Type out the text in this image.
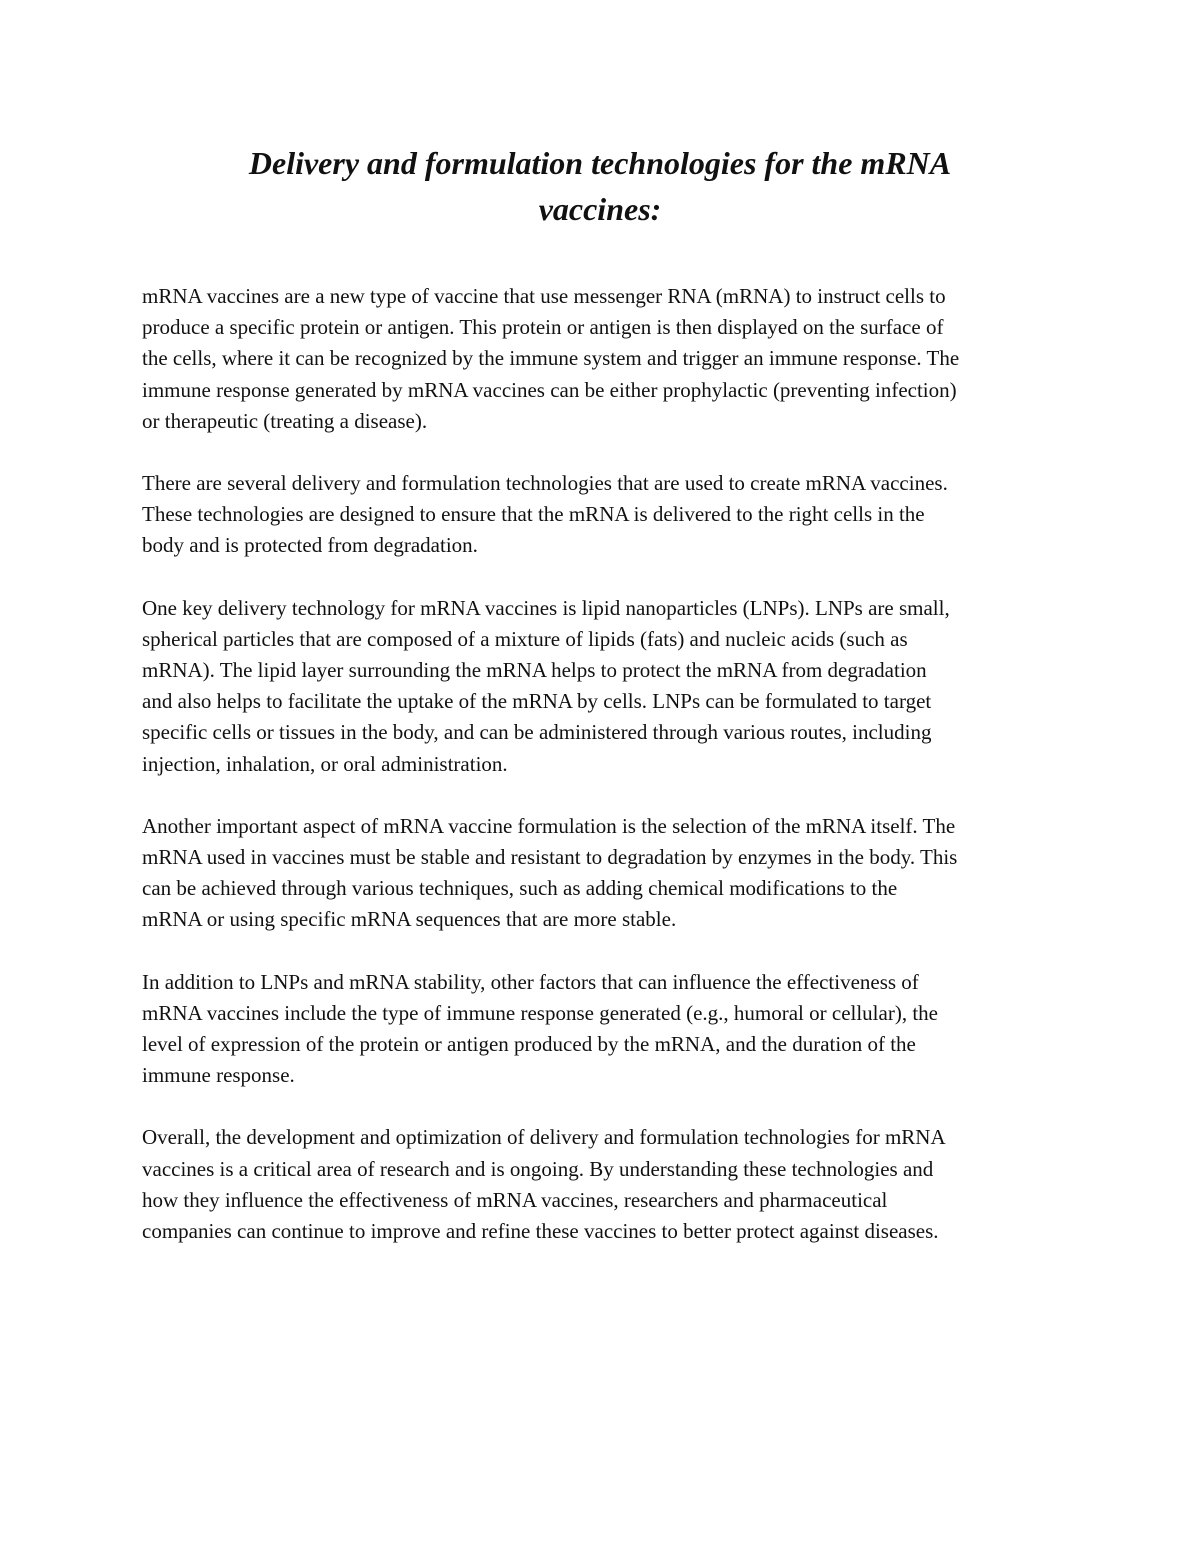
Delivery and formulation technologies for the mRNA
vaccines:

mRNA vaccines are a new type of vaccine that use messenger RNA (mRNA) to instruct cells to
produce a specific protein or antigen. This protein or antigen is then displayed on the surface of
the cells, where it can be recognized by the immune system and trigger an immune response. The
immune response generated by mRNA vaccines can be either prophylactic (preventing infection)
or therapeutic (treating a disease).

There are several delivery and formulation technologies that are used to create mRNA vaccines.
These technologies are designed to ensure that the mRNA is delivered to the right cells in the
body and is protected from degradation.

One key delivery technology for mRNA vaccines is lipid nanoparticles (LNPs). LNPs are small,
spherical particles that are composed of a mixture of lipids (fats) and nucleic acids (such as
mRNA). The lipid layer surrounding the mRNA helps to protect the mRNA from degradation
and also helps to facilitate the uptake of the mRNA by cells. LNPs can be formulated to target
specific cells or tissues in the body, and can be administered through various routes, including
injection, inhalation, or oral administration.

Another important aspect of mRNA vaccine formulation is the selection of the mRNA itself. The
mRNA used in vaccines must be stable and resistant to degradation by enzymes in the body. This
can be achieved through various techniques, such as adding chemical modifications to the
mRNA or using specific mRNA sequences that are more stable.

In addition to LNPs and mRNA stability, other factors that can influence the effectiveness of
mRNA vaccines include the type of immune response generated (e.g., humoral or cellular), the
level of expression of the protein or antigen produced by the mRNA, and the duration of the
immune response.

Overall, the development and optimization of delivery and formulation technologies for mRNA
vaccines is a critical area of research and is ongoing. By understanding these technologies and
how they influence the effectiveness of mRNA vaccines, researchers and pharmaceutical
companies can continue to improve and refine these vaccines to better protect against diseases.
